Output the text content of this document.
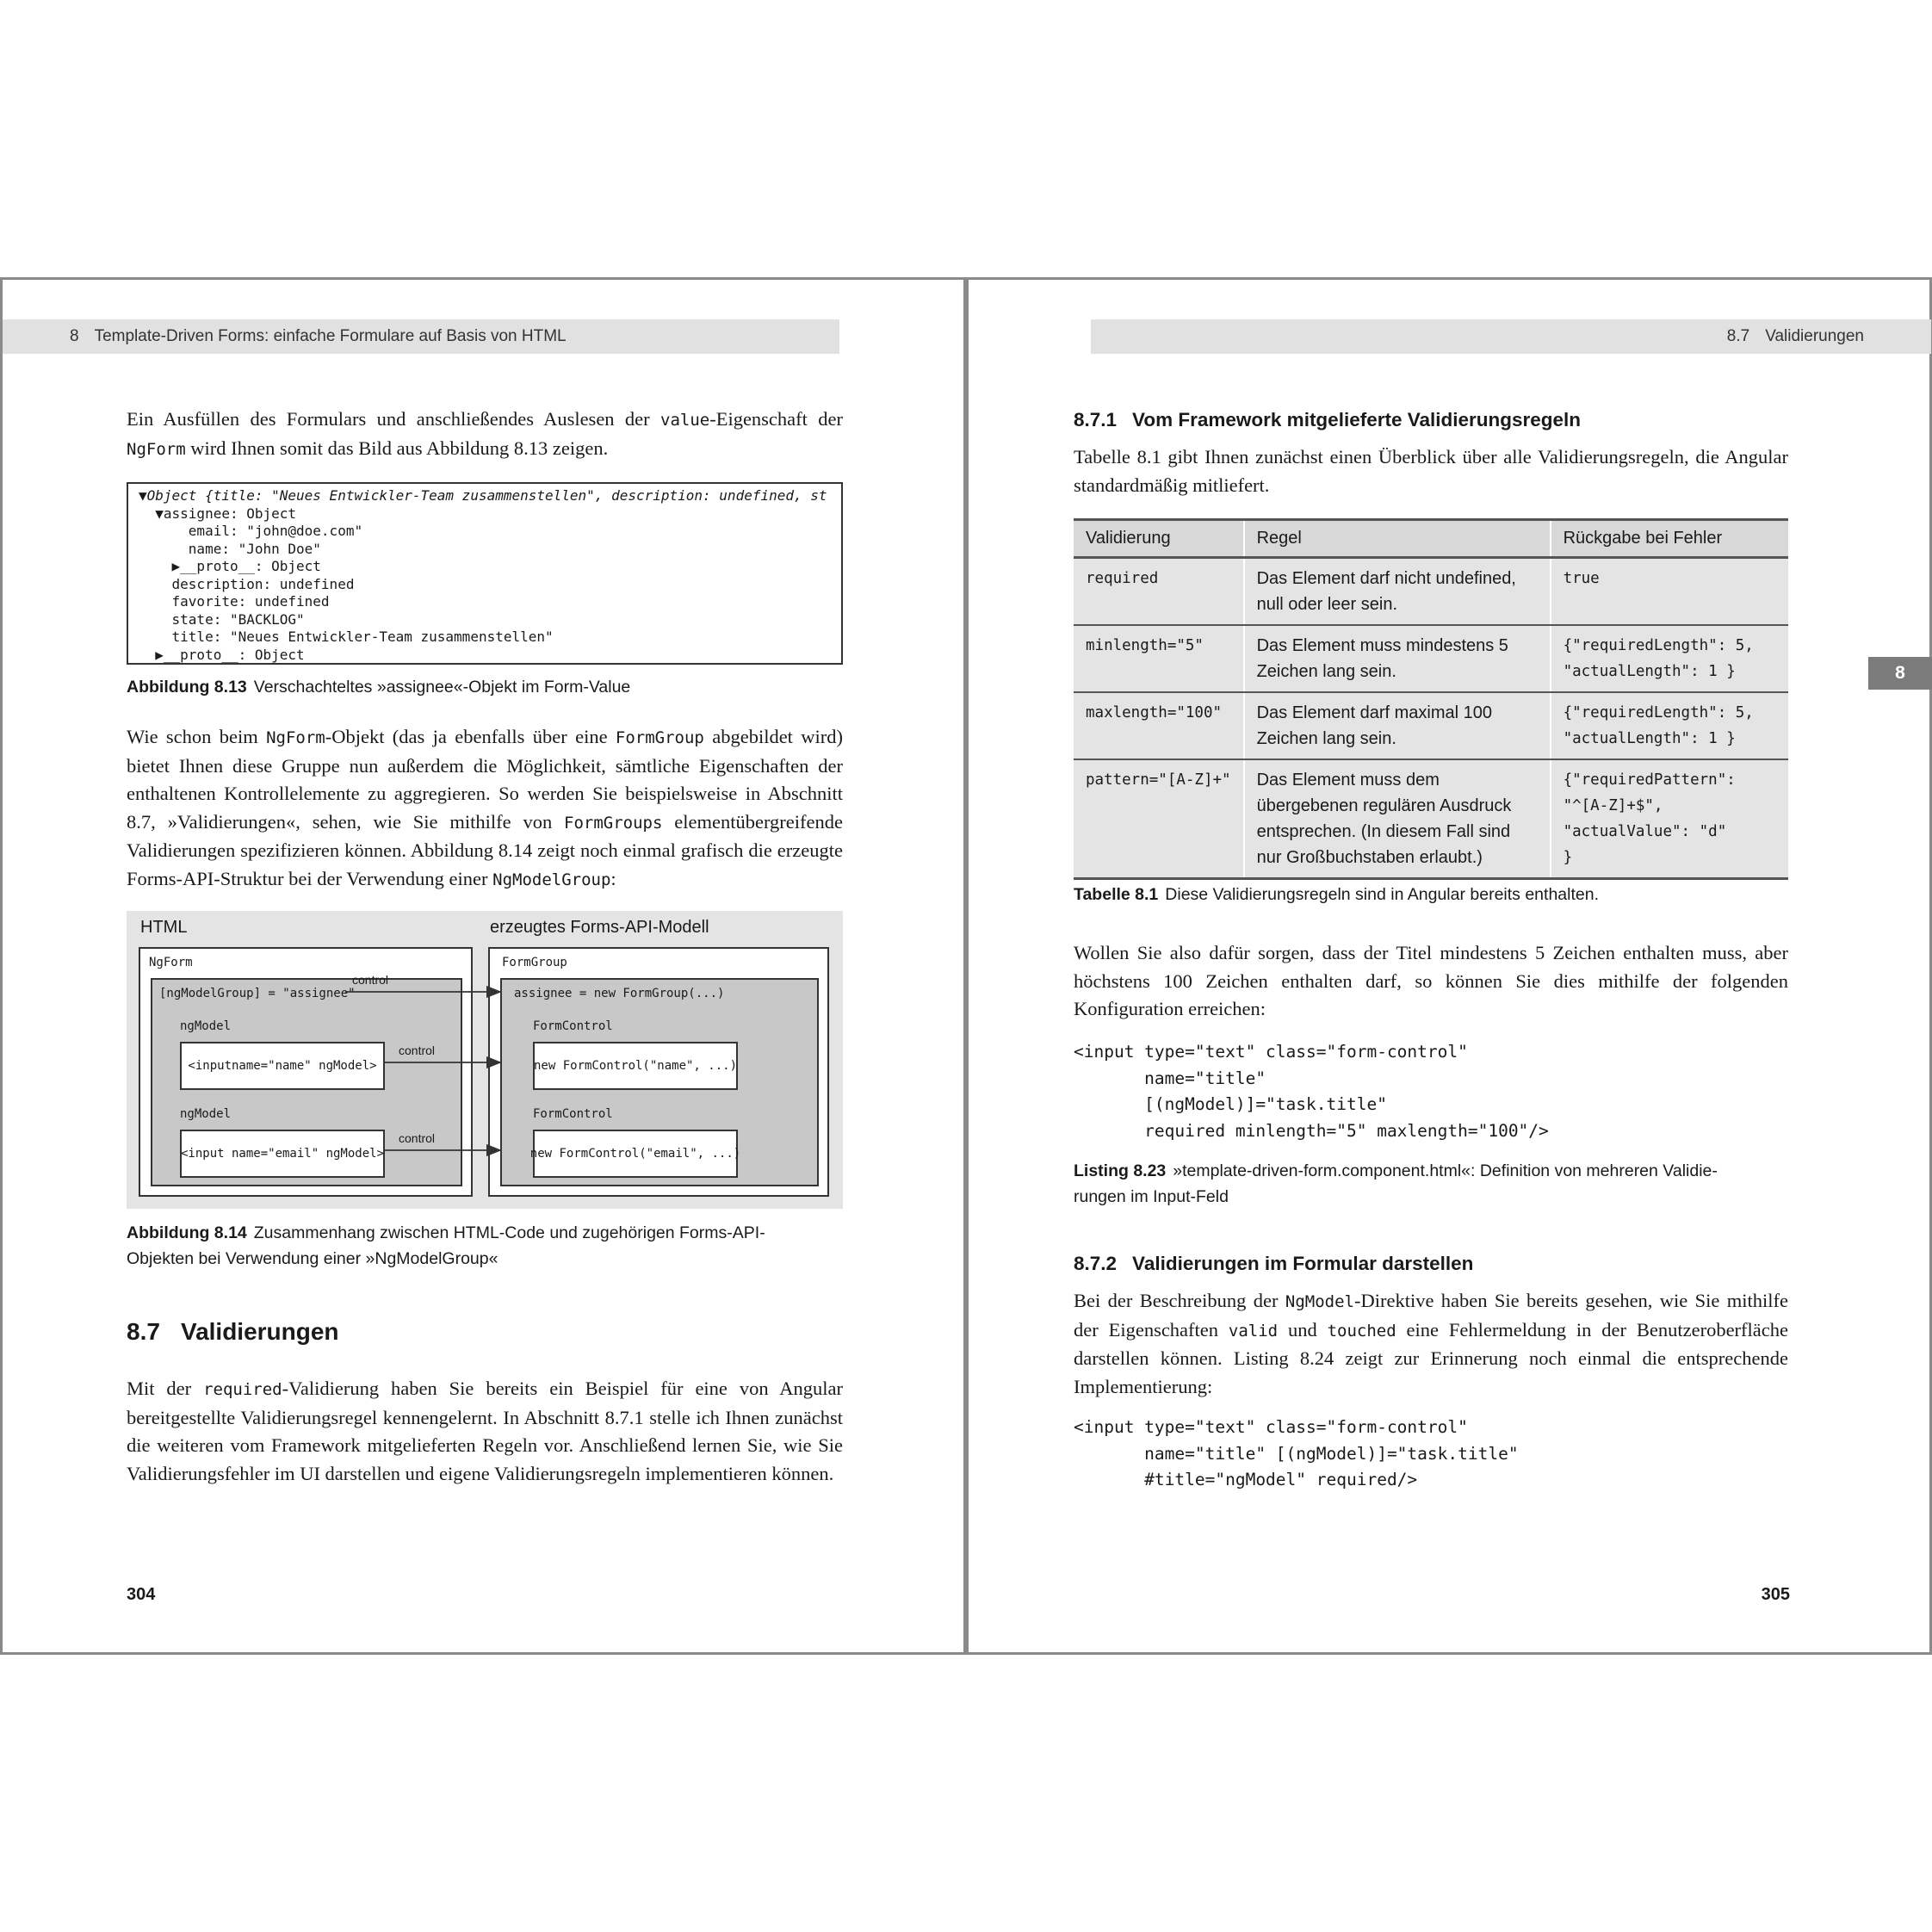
8 Template-Driven Forms: einfache Formulare auf Basis von HTML
Ein Ausfüllen des Formulars und anschließendes Auslesen der value-Eigenschaft der NgForm wird Ihnen somit das Bild aus Abbildung 8.13 zeigen.
▼Object {title: "Neues Entwickler-Team zusammenstellen", description: undefined, st
▼assignee: Object
email: "john@doe.com"
name: "John Doe"
▶__proto__: Object
description: undefined
favorite: undefined
state: "BACKLOG"
title: "Neues Entwickler-Team zusammenstellen"
▶__proto__: Object
Abbildung 8.13 Verschachteltes »assignee«-Objekt im Form-Value
Wie schon beim NgForm-Objekt (das ja ebenfalls über eine FormGroup abgebildet wird) bietet Ihnen diese Gruppe nun außerdem die Möglichkeit, sämtliche Eigenschaften der enthaltenen Kontrollelemente zu aggregieren. So werden Sie beispielsweise in Abschnitt 8.7, »Validierungen«, sehen, wie Sie mithilfe von FormGroups elementübergreifende Validierungen spezifizieren können. Abbildung 8.14 zeigt noch einmal grafisch die erzeugte Forms-API-Struktur bei der Verwendung einer NgModelGroup:
HTML	erzeugtes Forms-API-Modell
NgForm
[ngModelGroup] = "assignee"
ngModel
<inputname="name" ngModel>
ngModel
<input name="email" ngModel>
FormGroup
assignee = new FormGroup(...)
FormControl
new FormControl("name", ...)
FormControl
new FormControl("email", ...)
control
control
control
Abbildung 8.14 Zusammenhang zwischen HTML-Code und zugehörigen Forms-API-
Objekten bei Verwendung einer »NgModelGroup«
8.7 Validierungen
Mit der required-Validierung haben Sie bereits ein Beispiel für eine von Angular bereitgestellte Validierungsregel kennengelernt. In Abschnitt 8.7.1 stelle ich Ihnen zunächst die weiteren vom Framework mitgelieferten Regeln vor. Anschließend lernen Sie, wie Sie Validierungsfehler im UI darstellen und eigene Validierungsregeln implementieren können.
304
8.7 Validierungen
8.7.1 Vom Framework mitgelieferte Validierungsregeln
Tabelle 8.1 gibt Ihnen zunächst einen Überblick über alle Validierungsregeln, die Angular standardmäßig mitliefert.
Validierung	Regel	Rückgabe bei Fehler
required	Das Element darf nicht undefined, null oder leer sein.	true
minlength="5"	Das Element muss mindestens 5 Zeichen lang sein.	{"requiredLength": 5,
"actualLength": 1 }
maxlength="100"	Das Element darf maximal 100 Zeichen lang sein.	{"requiredLength": 5,
"actualLength": 1 }
pattern="[A-Z]+"	Das Element muss dem übergebenen regulären Ausdruck entsprechen. (In diesem Fall sind nur Großbuchstaben erlaubt.)	{"requiredPattern":
"^[A-Z]+$",
"actualValue": "d"
}
Tabelle 8.1 Diese Validierungsregeln sind in Angular bereits enthalten.
Wollen Sie also dafür sorgen, dass der Titel mindestens 5 Zeichen enthalten muss, aber höchstens 100 Zeichen enthalten darf, so können Sie dies mithilfe der folgenden Konfiguration erreichen:
<input type="text" class="form-control"
name="title"
[(ngModel)]="task.title"
required minlength="5" maxlength="100"/>
Listing 8.23 »template-driven-form.component.html«: Definition von mehreren Validie-
rungen im Input-Feld
8.7.2 Validierungen im Formular darstellen
Bei der Beschreibung der NgModel-Direktive haben Sie bereits gesehen, wie Sie mithilfe der Eigenschaften valid und touched eine Fehlermeldung in der Benutzeroberfläche darstellen können. Listing 8.24 zeigt zur Erinnerung noch einmal die entsprechende Implementierung:
<input type="text" class="form-control"
name="title" [(ngModel)]="task.title"
#title="ngModel" required/>
305
8
